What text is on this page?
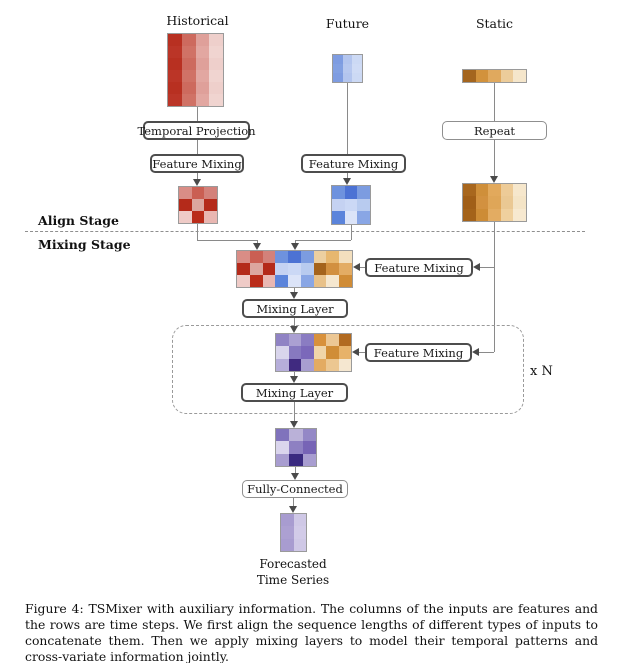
Historical	Future	Static
Align Stage
Mixing Stage
x N
Temporal Projection
Feature Mixing	Feature Mixing
Repeat
Feature Mixing
Mixing Layer
Feature Mixing
Mixing Layer
Fully-Connected
Forecasted
Time Series
Figure 4: TSMixer with auxiliary information. The columns of the inputs are features and the rows are time steps. We first align the sequence lengths of different types of inputs to concatenate them. Then we apply mixing layers to model their temporal patterns and cross-variate information jointly.
